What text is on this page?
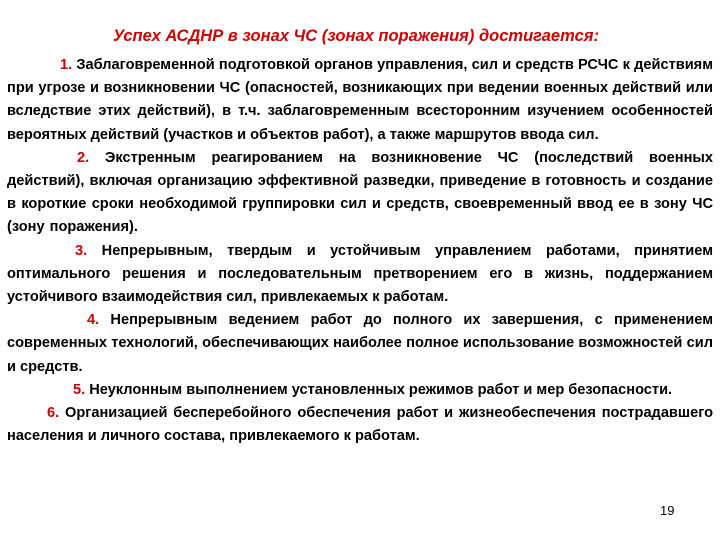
Успех АСДНР в зонах ЧС (зонах поражения) достигается:

1. Заблаговременной подготовкой органов управления, сил и средств РСЧС к действиям при угрозе и возникновении ЧС (опасностей, возникающих при ведении военных действий или вследствие этих действий), в т.ч. заблаговременным всесторонним изучением особенностей вероятных действий (участков и объектов работ), а также маршрутов ввода сил.

2. Экстренным реагированием на возникновение ЧС (последствий военных действий), включая организацию эффективной разведки, приведение в готовность и создание в короткие сроки необходимой группировки сил и средств, своевременный ввод ее в зону ЧС (зону поражения).

3. Непрерывным, твердым и устойчивым управлением работами, принятием оптимального решения и последовательным претворением его в жизнь, поддержанием устойчивого взаимодействия сил, привлекаемых к работам.

4. Непрерывным ведением работ до полного их завершения, с применением современных технологий, обеспечивающих наиболее полное использование возможностей сил и средств.

5. Неуклонным выполнением установленных режимов работ и мер безопасности.

6. Организацией бесперебойного обеспечения работ и жизнеобеспечения пострадавшего населения и личного состава, привлекаемого к работам.

19
